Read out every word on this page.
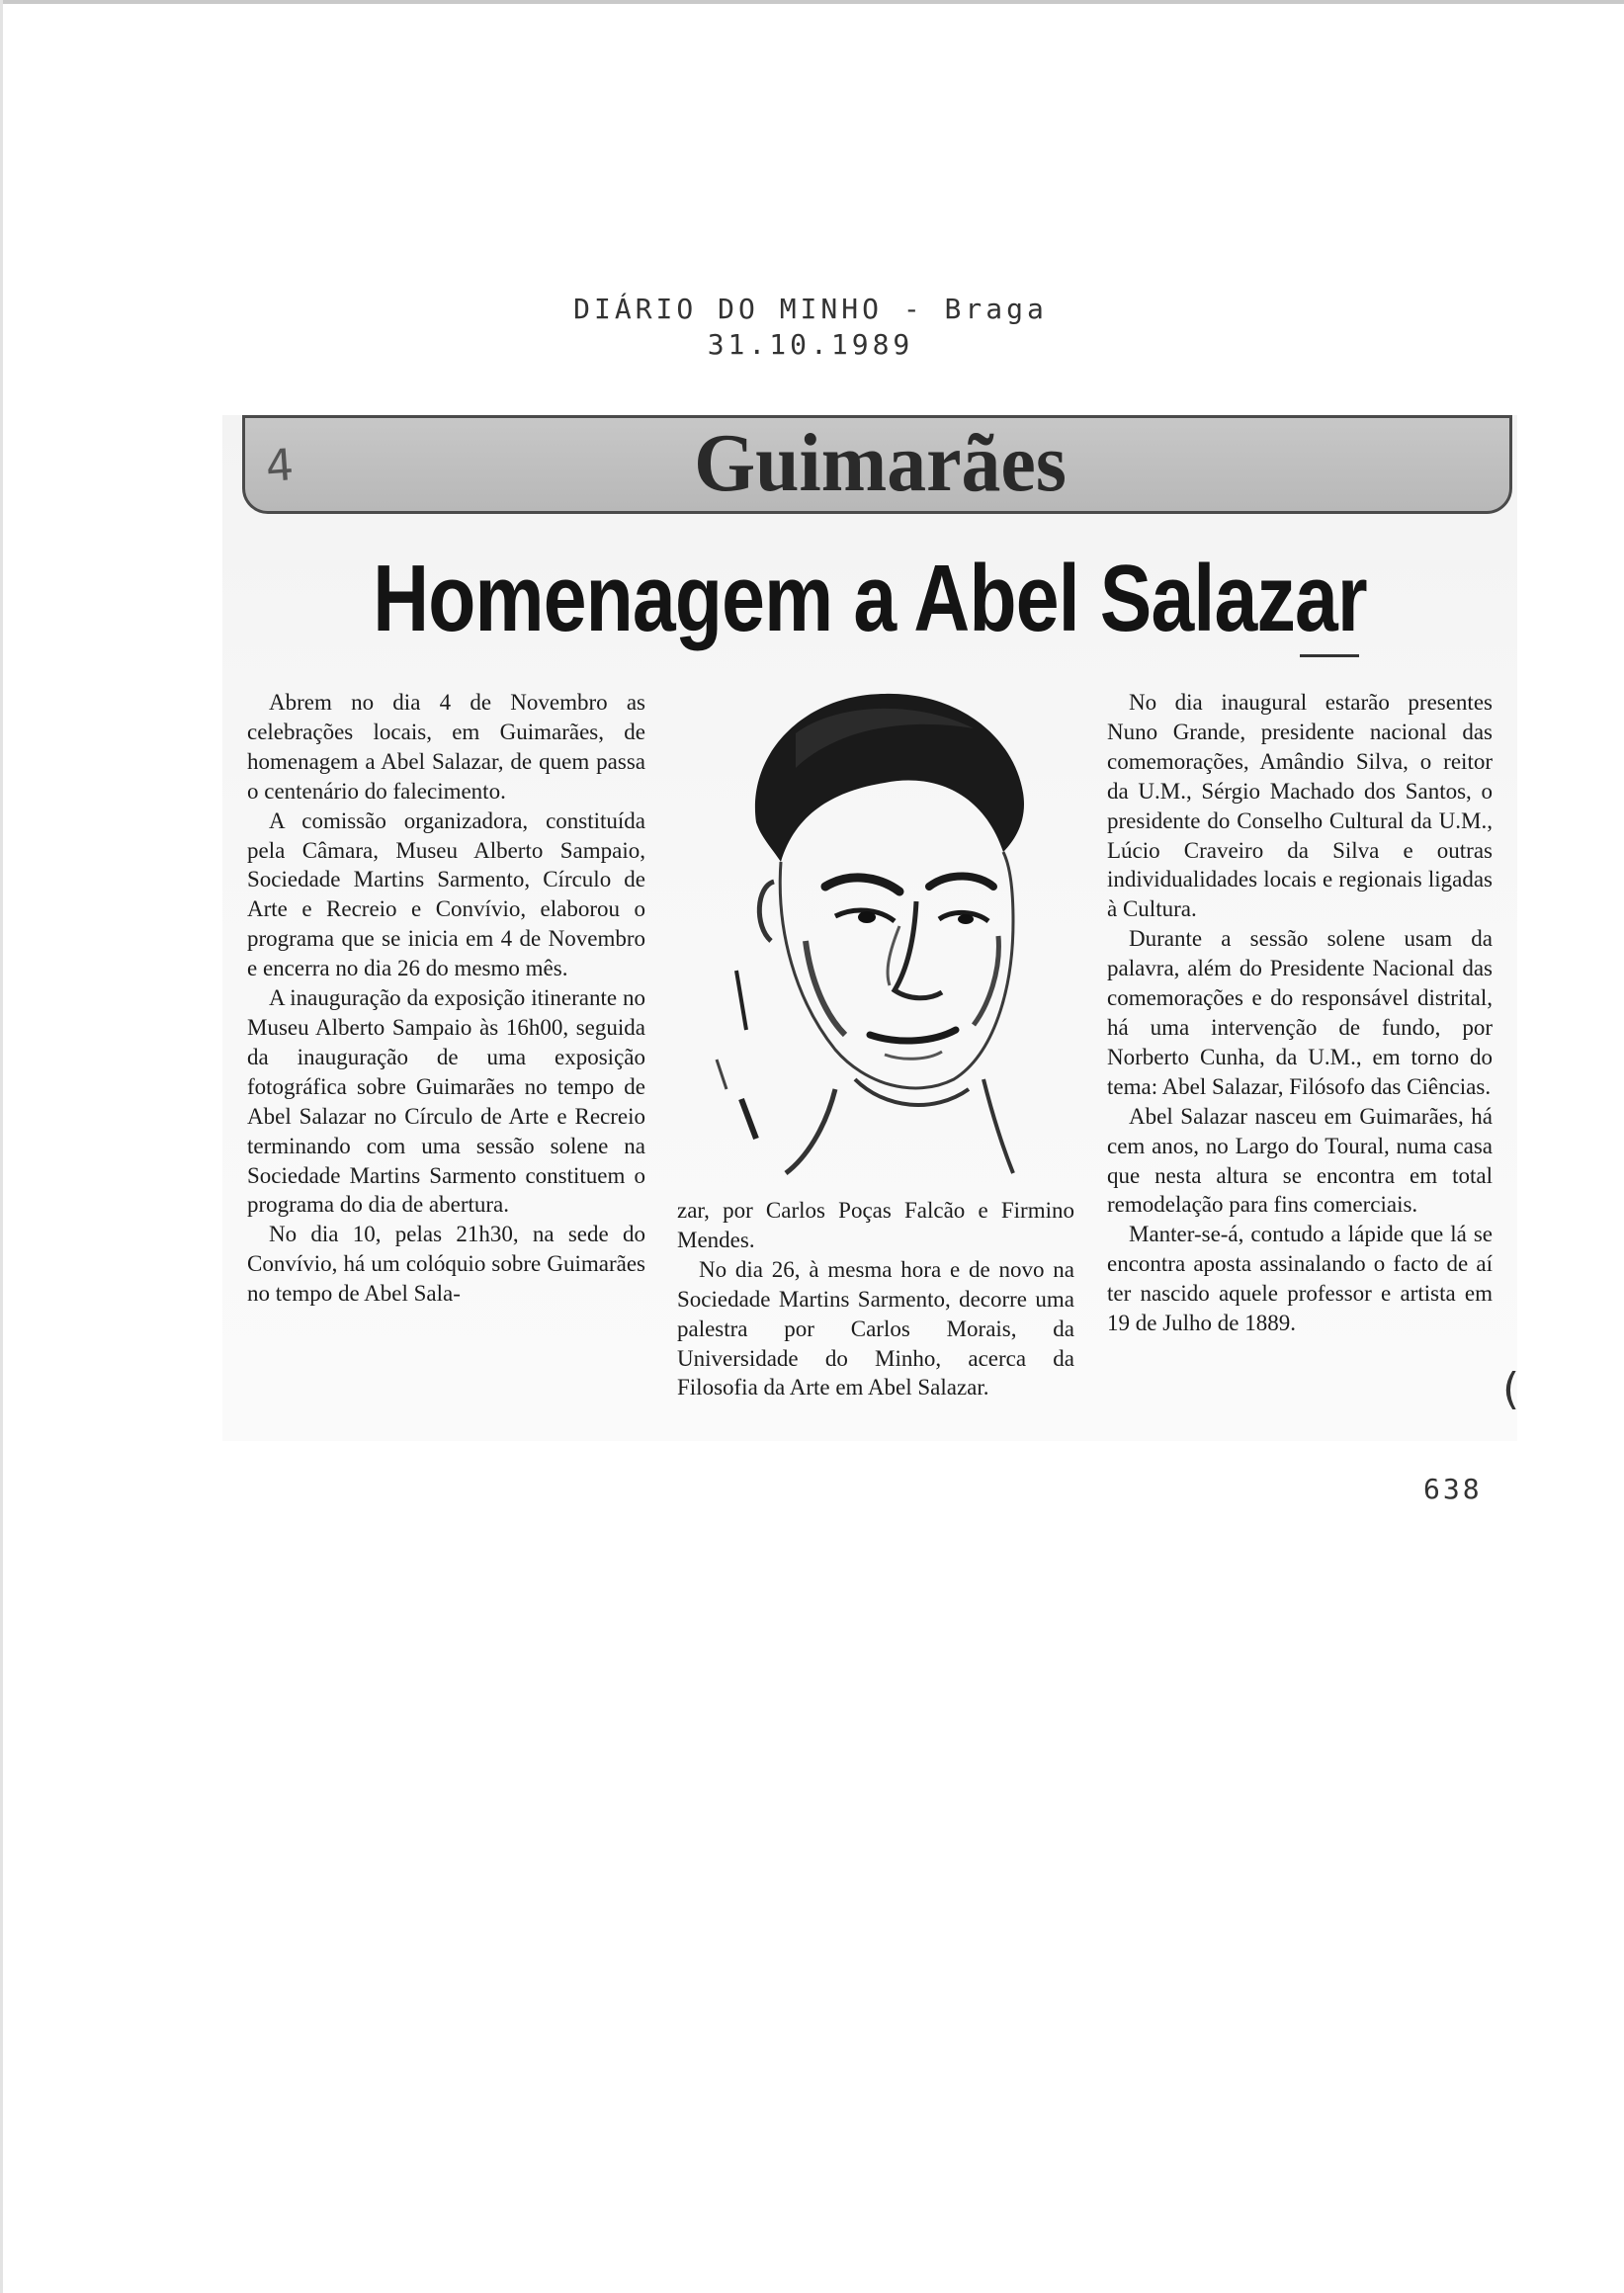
DIÁRIO DO MINHO - Braga
31.10.1989
Guimarães
4
Homenagem a Abel Salazar

Abrem no dia 4 de Novembro as celebrações locais, em Guimarães, de homenagem a Abel Salazar, de quem passa o centenário do falecimento.

A comissão organizadora, constituída pela Câmara, Museu Alberto Sampaio, Sociedade Martins Sarmento, Círculo de Arte e Recreio e Convívio, elaborou o programa que se inicia em 4 de Novembro e encerra no dia 26 do mesmo mês.

A inauguração da exposição itinerante no Museu Alberto Sampaio às 16h00, seguida da inauguração de uma exposição fotográfica sobre Guimarães no tempo de Abel Salazar no Círculo de Arte e Recreio terminando com uma sessão solene na Sociedade Martins Sarmento constituem o programa do dia de abertura.

No dia 10, pelas 21h30, na sede do Convívio, há um colóquio sobre Guimarães no tempo de Abel Sala-

zar, por Carlos Poças Falcão e Firmino Mendes.

No dia 26, à mesma hora e de novo na Sociedade Martins Sarmento, decorre uma palestra por Carlos Morais, da Universidade do Minho, acerca da Filosofia da Arte em Abel Salazar.

No dia inaugural estarão presentes Nuno Grande, presidente nacional das comemorações, Amândio Silva, o reitor da U.M., Sérgio Machado dos Santos, o presidente do Conselho Cultural da U.M., Lúcio Craveiro da Silva e outras individualidades locais e regionais ligadas à Cultura.

Durante a sessão solene usam da palavra, além do Presidente Nacional das comemorações e do responsável distrital, há uma intervenção de fundo, por Norberto Cunha, da U.M., em torno do tema: Abel Salazar, Filósofo das Ciências.

Abel Salazar nasceu em Guimarães, há cem anos, no Largo do Toural, numa casa que nesta altura se encontra em total remodelação para fins comerciais.

Manter-se-á, contudo a lápide que lá se encontra aposta assinalando o facto de aí ter nascido aquele professor e artista em 19 de Julho de 1889.

(
638
